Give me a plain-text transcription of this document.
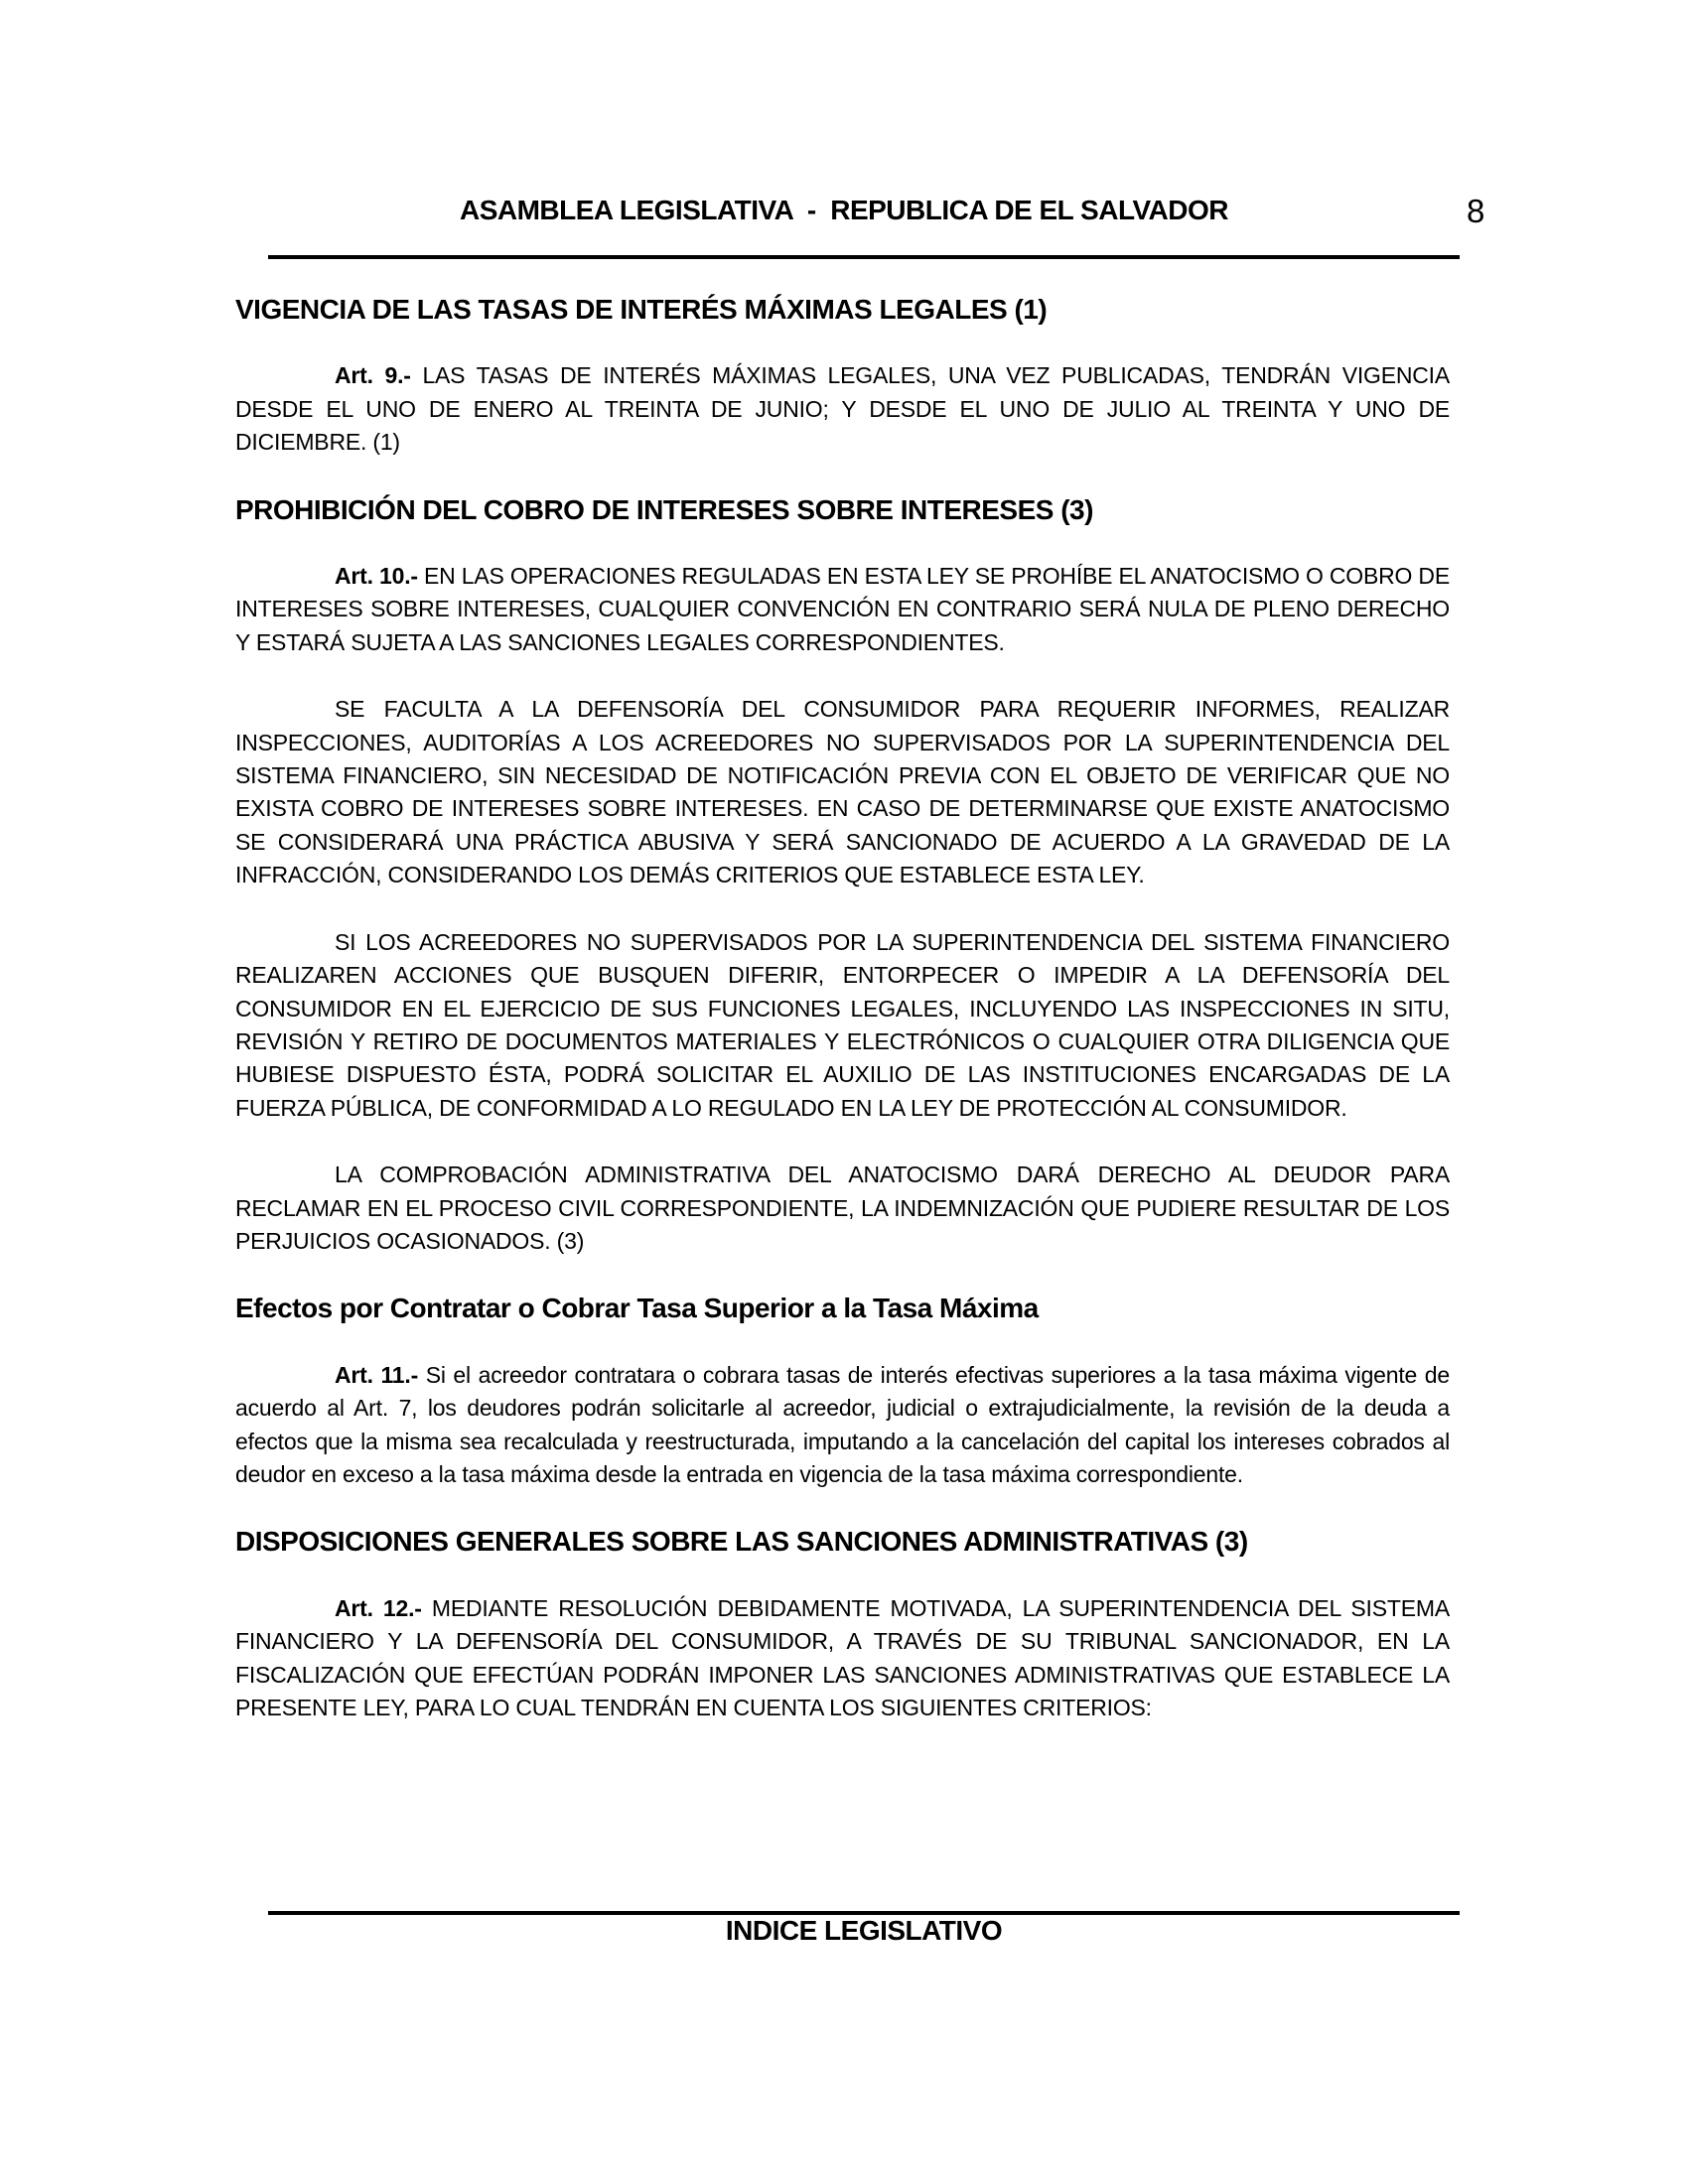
ASAMBLEA LEGISLATIVA  -  REPUBLICA DE EL SALVADOR	8
VIGENCIA DE LAS TASAS DE INTERÉS MÁXIMAS LEGALES (1)

Art. 9.- LAS TASAS DE INTERÉS MÁXIMAS LEGALES, UNA VEZ PUBLICADAS, TENDRÁN VIGENCIA DESDE EL UNO DE ENERO AL TREINTA DE JUNIO; Y DESDE EL UNO DE JULIO AL TREINTA Y UNO DE DICIEMBRE. (1)

PROHIBICIÓN DEL COBRO DE INTERESES SOBRE INTERESES (3)

Art. 10.- EN LAS OPERACIONES REGULADAS EN ESTA LEY SE PROHÍBE EL ANATOCISMO O COBRO DE INTERESES SOBRE INTERESES, CUALQUIER CONVENCIÓN EN CONTRARIO SERÁ NULA DE PLENO DERECHO Y ESTARÁ SUJETA A LAS SANCIONES LEGALES CORRESPONDIENTES.

SE FACULTA A LA DEFENSORÍA DEL CONSUMIDOR PARA REQUERIR INFORMES, REALIZAR INSPECCIONES, AUDITORÍAS A LOS ACREEDORES NO SUPERVISADOS POR LA SUPERINTENDENCIA DEL SISTEMA FINANCIERO, SIN NECESIDAD DE NOTIFICACIÓN PREVIA CON EL OBJETO DE VERIFICAR QUE NO EXISTA COBRO DE INTERESES SOBRE INTERESES. EN CASO DE DETERMINARSE QUE EXISTE ANATOCISMO SE CONSIDERARÁ UNA PRÁCTICA ABUSIVA Y SERÁ SANCIONADO DE ACUERDO A LA GRAVEDAD DE LA INFRACCIÓN, CONSIDERANDO LOS DEMÁS CRITERIOS QUE ESTABLECE ESTA LEY.

SI LOS ACREEDORES NO SUPERVISADOS POR LA SUPERINTENDENCIA DEL SISTEMA FINANCIERO REALIZAREN ACCIONES QUE BUSQUEN DIFERIR, ENTORPECER O IMPEDIR A LA DEFENSORÍA DEL CONSUMIDOR EN EL EJERCICIO DE SUS FUNCIONES LEGALES, INCLUYENDO LAS INSPECCIONES IN SITU, REVISIÓN Y RETIRO DE DOCUMENTOS MATERIALES Y ELECTRÓNICOS O CUALQUIER OTRA DILIGENCIA QUE HUBIESE DISPUESTO ÉSTA, PODRÁ SOLICITAR EL AUXILIO DE LAS INSTITUCIONES ENCARGADAS DE LA FUERZA PÚBLICA, DE CONFORMIDAD A LO REGULADO EN LA LEY DE PROTECCIÓN AL CONSUMIDOR.

LA COMPROBACIÓN ADMINISTRATIVA DEL ANATOCISMO DARÁ DERECHO AL DEUDOR PARA RECLAMAR EN EL PROCESO CIVIL CORRESPONDIENTE, LA INDEMNIZACIÓN QUE PUDIERE RESULTAR DE LOS PERJUICIOS OCASIONADOS. (3)

Efectos por Contratar o Cobrar Tasa Superior a la Tasa Máxima

Art. 11.- Si el acreedor contratara o cobrara tasas de interés efectivas superiores a la tasa máxima vigente de acuerdo al Art. 7, los deudores podrán solicitarle al acreedor, judicial o extrajudicialmente, la revisión de la deuda a efectos que la misma sea recalculada y reestructurada, imputando a la cancelación del capital los intereses cobrados al deudor en exceso a la tasa máxima desde la entrada en vigencia de la tasa máxima correspondiente.

DISPOSICIONES GENERALES SOBRE LAS SANCIONES ADMINISTRATIVAS (3)

Art. 12.- MEDIANTE RESOLUCIÓN DEBIDAMENTE MOTIVADA, LA SUPERINTENDENCIA DEL SISTEMA FINANCIERO Y LA DEFENSORÍA DEL CONSUMIDOR, A TRAVÉS DE SU TRIBUNAL SANCIONADOR, EN LA FISCALIZACIÓN QUE EFECTÚAN PODRÁN IMPONER LAS SANCIONES ADMINISTRATIVAS QUE ESTABLECE LA PRESENTE LEY, PARA LO CUAL TENDRÁN EN CUENTA LOS SIGUIENTES CRITERIOS:

INDICE LEGISLATIVO
